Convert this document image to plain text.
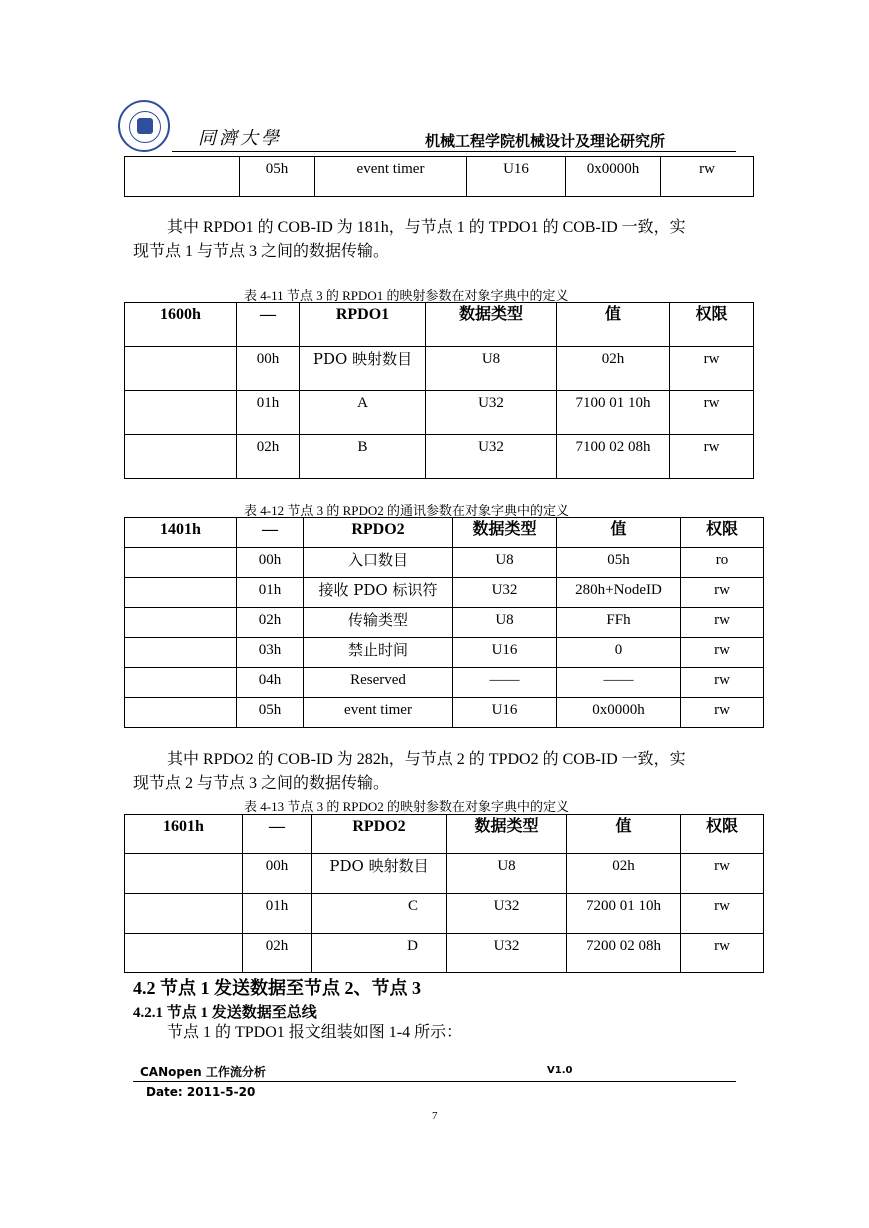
同濟大學	机械工程学院机械设计及理论研究所
	05h	event timer	U16	0x0000h	rw
其中 RPDO1 的 COB-ID 为 181h，与节点 1 的 TPDO1 的 COB-ID 一致，实
现节点 1 与节点 3 之间的数据传输。
表 4-11 节点 3 的 RPDO1 的映射参数在对象字典中的定义
1600h	—	RPDO1	数据类型	值	权限
	00h	PDO 映射数目	U8	02h	rw
	01h	A	U32	7100 01 10h	rw
	02h	B	U32	7100 02 08h	rw
表 4-12 节点 3 的 RPDO2 的通讯参数在对象字典中的定义
1401h	—	RPDO2	数据类型	值	权限
	00h	入口数目	U8	05h	ro
	01h	接收 PDO 标识符	U32	280h+NodeID	rw
	02h	传输类型	U8	FFh	rw
	03h	禁止时间	U16	0	rw
	04h	Reserved	——	——	rw
	05h	event timer	U16	0x0000h	rw
其中 RPDO2 的 COB-ID 为 282h，与节点 2 的 TPDO2 的 COB-ID 一致，实
现节点 2 与节点 3 之间的数据传输。
表 4-13 节点 3 的 RPDO2 的映射参数在对象字典中的定义
1601h	—	RPDO2	数据类型	值	权限
	00h	PDO 映射数目	U8	02h	rw
	01h	C	U32	7200 01 10h	rw
	02h	D	U32	7200 02 08h	rw
4.2 节点 1 发送数据至节点 2、节点 3
4.2.1 节点 1 发送数据至总线
节点 1 的 TPDO1 报文组装如图 1-4 所示：
CANopen 工作流分析	V1.0
Date: 2011-5-20
7
